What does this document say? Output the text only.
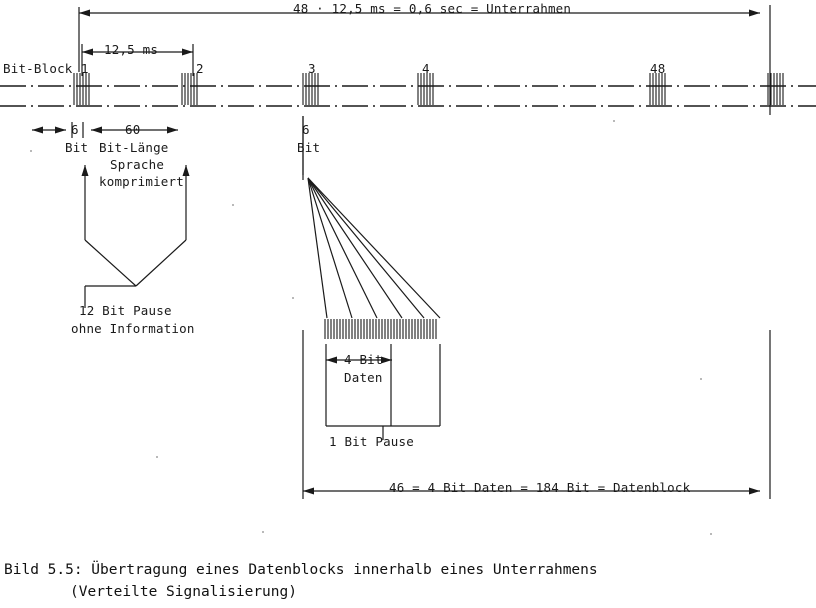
48 · 12,5 ms = 0,6 sec = Unterrahmen
12,5 ms
Bit-Block 1	2	3	4	48
6
Bit
60
Bit-Länge
Sprache
komprimiert
6
Bit
12 Bit Pause
ohne Information
4 Bit
Daten
1 Bit Pause
46 = 4 Bit Daten = 184 Bit = Datenblock
Bild 5.5: Übertragung eines Datenblocks innerhalb eines Unterrahmens
(Verteilte Signalisierung)
